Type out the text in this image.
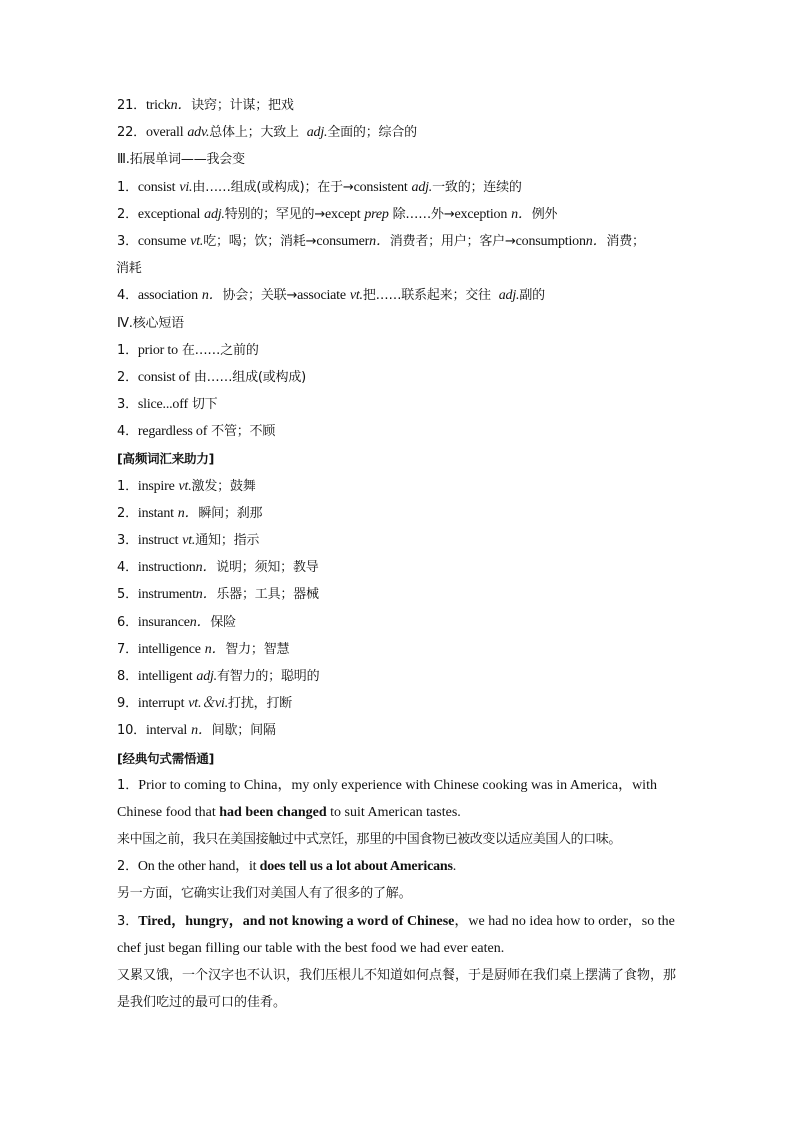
21．trickn．诀窍；计谋；把戏
22．overall adv.总体上；大致上 adj.全面的；综合的
Ⅲ.拓展单词——我会变
1．consist vi.由……组成(或构成)；在于→consistent adj.一致的；连续的
2．exceptional adj.特别的；罕见的→except prep 除……外→exception n．例外
3．consume vt.吃；喝；饮；消耗→consumern．消费者；用户；客户→consumptionn．消费；
消耗
4．association n．协会；关联→associate vt.把……联系起来；交往 adj.副的
Ⅳ.核心短语
1．prior to 在……之前的
2．consist of 由……组成(或构成)
3．slice...off 切下
4．regardless of 不管；不顾
[高频词汇来助力]
1．inspire vt.激发；鼓舞
2．instant n．瞬间；刹那
3．instruct vt.通知；指示
4．instructionn．说明；须知；教导
5．instrumentn．乐器；工具；器械
6．insurancen．保险
7．intelligence n．智力；智慧
8．intelligent adj.有智力的；聪明的
9．interrupt vt.＆vi.打扰，打断
10．interval n．间歇；间隔
[经典句式需悟通]
1．Prior to coming to China，my only experience with Chinese cooking was in America，with Chinese food that had been changed to suit American tastes.
来中国之前，我只在美国接触过中式烹饪，那里的中国食物已被改变以适应美国人的口味。
2．On the other hand，it does tell us a lot about Americans.
另一方面，它确实让我们对美国人有了很多的了解。
3．Tired，hungry，and not knowing a word of Chinese，we had no idea how to order，so the chef just began filling our table with the best food we had ever eaten.
又累又饿，一个汉字也不认识，我们压根儿不知道如何点餐，于是厨师在我们桌上摆满了食物，那是我们吃过的最可口的佳肴。
